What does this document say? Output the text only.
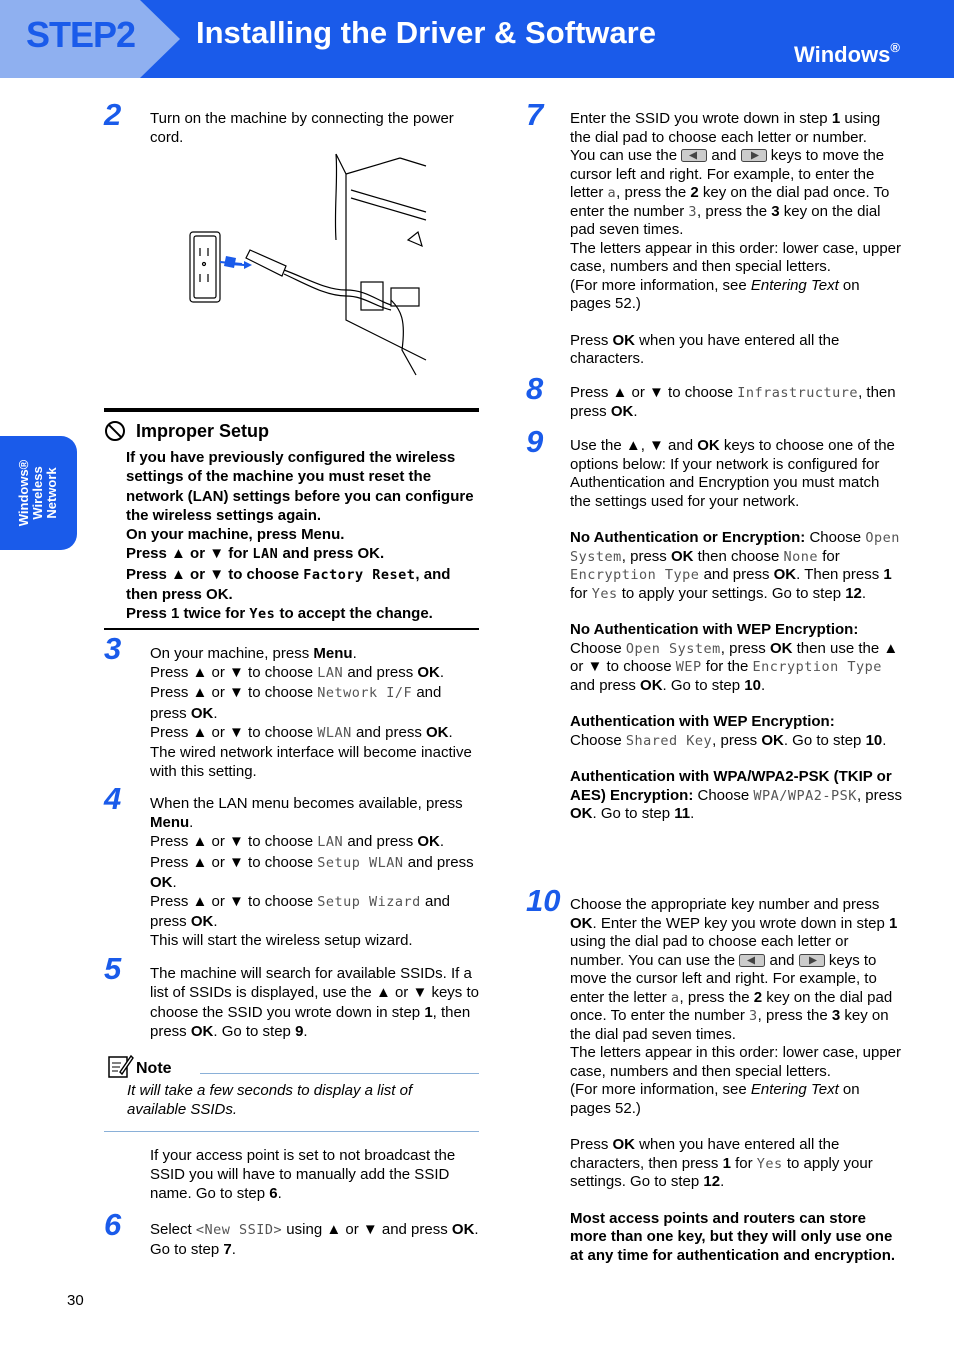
STEP2 Installing the Driver & Software
Windows®
Windows® Wireless Network
2 Turn on the machine by connecting the power cord.

Improper Setup

If you have previously configured the wireless settings of the machine you must reset the network (LAN) settings before you can configure the wireless settings again.

On your machine, press Menu.

Press ▲ or ▼ for LAN and press OK.

Press ▲ or ▼ to choose Factory Reset, and then press OK.

Press 1 twice for Yes to accept the change.

3 On your machine, press Menu.

Press ▲ or ▼ to choose LAN and press OK.

Press ▲ or ▼ to choose Network I/F and press OK.

Press ▲ or ▼ to choose WLAN and press OK.

The wired network interface will become inactive with this setting.

4 When the LAN menu becomes available, press Menu.

Press ▲ or ▼ to choose LAN and press OK.

Press ▲ or ▼ to choose Setup WLAN and press OK.

Press ▲ or ▼ to choose Setup Wizard and press OK.

This will start the wireless setup wizard.

5 The machine will search for available SSIDs. If a list of SSIDs is displayed, use the ▲ or ▼ keys to choose the SSID you wrote down in step 1, then press OK. Go to step 9.

Note
It will take a few seconds to display a list of available SSIDs.

If your access point is set to not broadcast the SSID you will have to manually add the SSID name. Go to step 6.

6 Select <New SSID> using ▲ or ▼ and press OK. Go to step 7.

7 Enter the SSID you wrote down in step 1 using the dial pad to choose each letter or number.

You can use the  and  keys to move the cursor left and right. For example, to enter the letter a, press the 2 key on the dial pad once. To enter the number 3, press the 3 key on the dial pad seven times.

The letters appear in this order: lower case, upper case, numbers and then special letters.

(For more information, see Entering Text on pages 52.)

Press OK when you have entered all the characters.

8 Press ▲ or ▼ to choose Infrastructure, then press OK.

9 Use the ▲, ▼ and OK keys to choose one of the options below: If your network is configured for Authentication and Encryption you must match the settings used for your network.

No Authentication or Encryption: Choose Open System, press OK then choose None for Encryption Type and press OK. Then press 1 for Yes to apply your settings. Go to step 12.

No Authentication with WEP Encryption:

Choose Open System, press OK then use the ▲ or ▼ to choose WEP for the Encryption Type and press OK. Go to step 10.

Authentication with WEP Encryption:

Choose Shared Key, press OK. Go to step 10.

Authentication with WPA/WPA2-PSK (TKIP or AES) Encryption: Choose WPA/WPA2-PSK, press OK. Go to step 11.

10 Choose the appropriate key number and press OK. Enter the WEP key you wrote down in step 1 using the dial pad to choose each letter or number. You can use the  and  keys to move the cursor left and right. For example, to enter the letter a, press the 2 key on the dial pad once. To enter the number 3, press the 3 key on the dial pad seven times.

The letters appear in this order: lower case, upper case, numbers and then special letters.

(For more information, see Entering Text on pages 52.)

Press OK when you have entered all the characters, then press 1 for Yes to apply your settings. Go to step 12.

Most access points and routers can store more than one key, but they will only use one at any time for authentication and encryption.

30
